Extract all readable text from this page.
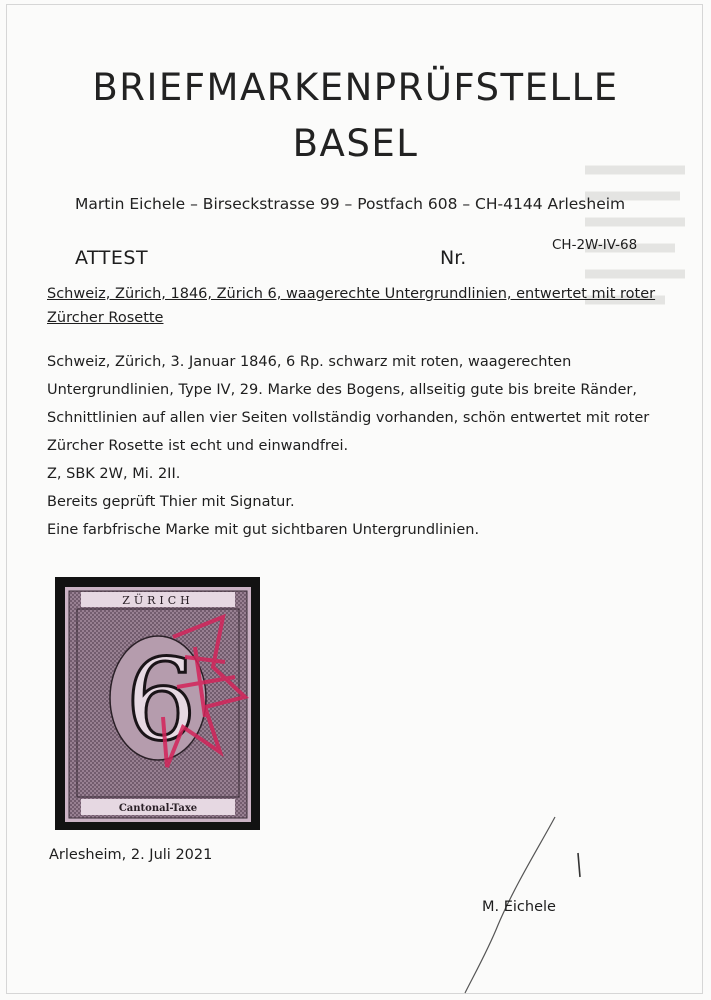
BRIEFMARKENPRÜFSTELLE
BASEL
Martin Eichele – Birseckstrasse 99 – Postfach 608 – CH-4144 Arlesheim
ATTEST	Nr.
CH-2W-IV-68
Schweiz, Zürich, 1846, Zürich 6, waagerechte Untergrundlinien, entwertet mit roter Zürcher Rosette

Schweiz, Zürich, 3. Januar 1846, 6 Rp. schwarz mit roten, waagerechten Untergrundlinien, Type IV, 29. Marke des Bogens, allseitig gute bis breite Ränder, Schnittlinien auf allen vier Seiten vollständig vorhanden, schön entwertet mit roter Zürcher Rosette ist echt und einwandfrei.

Z, SBK 2W, Mi. 2II.

Bereits geprüft Thier mit Signatur.

Eine farbfrische Marke mit gut sichtbaren Untergrundlinien.

ZÜRICH
6
Cantonal-Taxe
Arlesheim, 2. Juli 2021
M. Eichele
